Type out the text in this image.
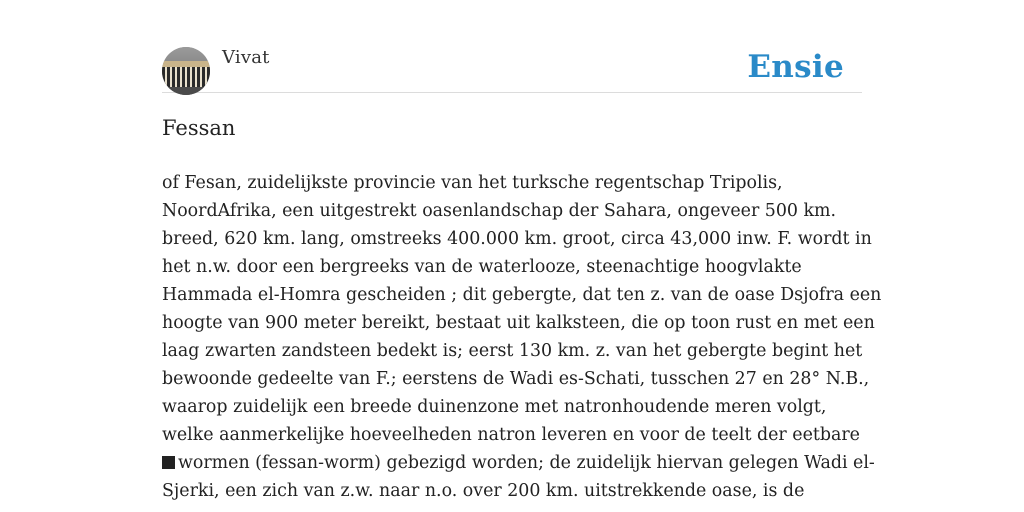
Vivat	Ensie
Fessan
of Fesan, zuidelijkste provincie van het turksche regentschap Tripolis,
NoordAfrika, een uitgestrekt oasenlandschap der Sahara, ongeveer 500 km.
breed, 620 km. lang, omstreeks 400.000 km. groot, circa 43,000 inw. F. wordt in
het n.w. door een bergreeks van de waterlooze, steenachtige hoogvlakte
Hammada el-Homra gescheiden ; dit gebergte, dat ten z. van de oase Dsjofra een
hoogte van 900 meter bereikt, bestaat uit kalksteen, die op toon rust en met een
laag zwarten zandsteen bedekt is; eerst 130 km. z. van het gebergte begint het
bewoonde gedeelte van F.; eerstens de Wadi es-Schati, tusschen 27 en 28° N.B.,
waarop zuidelijk een breede duinenzone met natronhoudende meren volgt,
welke aanmerkelijke hoeveelheden natron leveren en voor de teelt der eetbare
wormen (fessan-worm) gebezigd worden; de zuidelijk hiervan gelegen Wadi el-
Sjerki, een zich van z.w. naar n.o. over 200 km. uitstrekkende oase, is de
